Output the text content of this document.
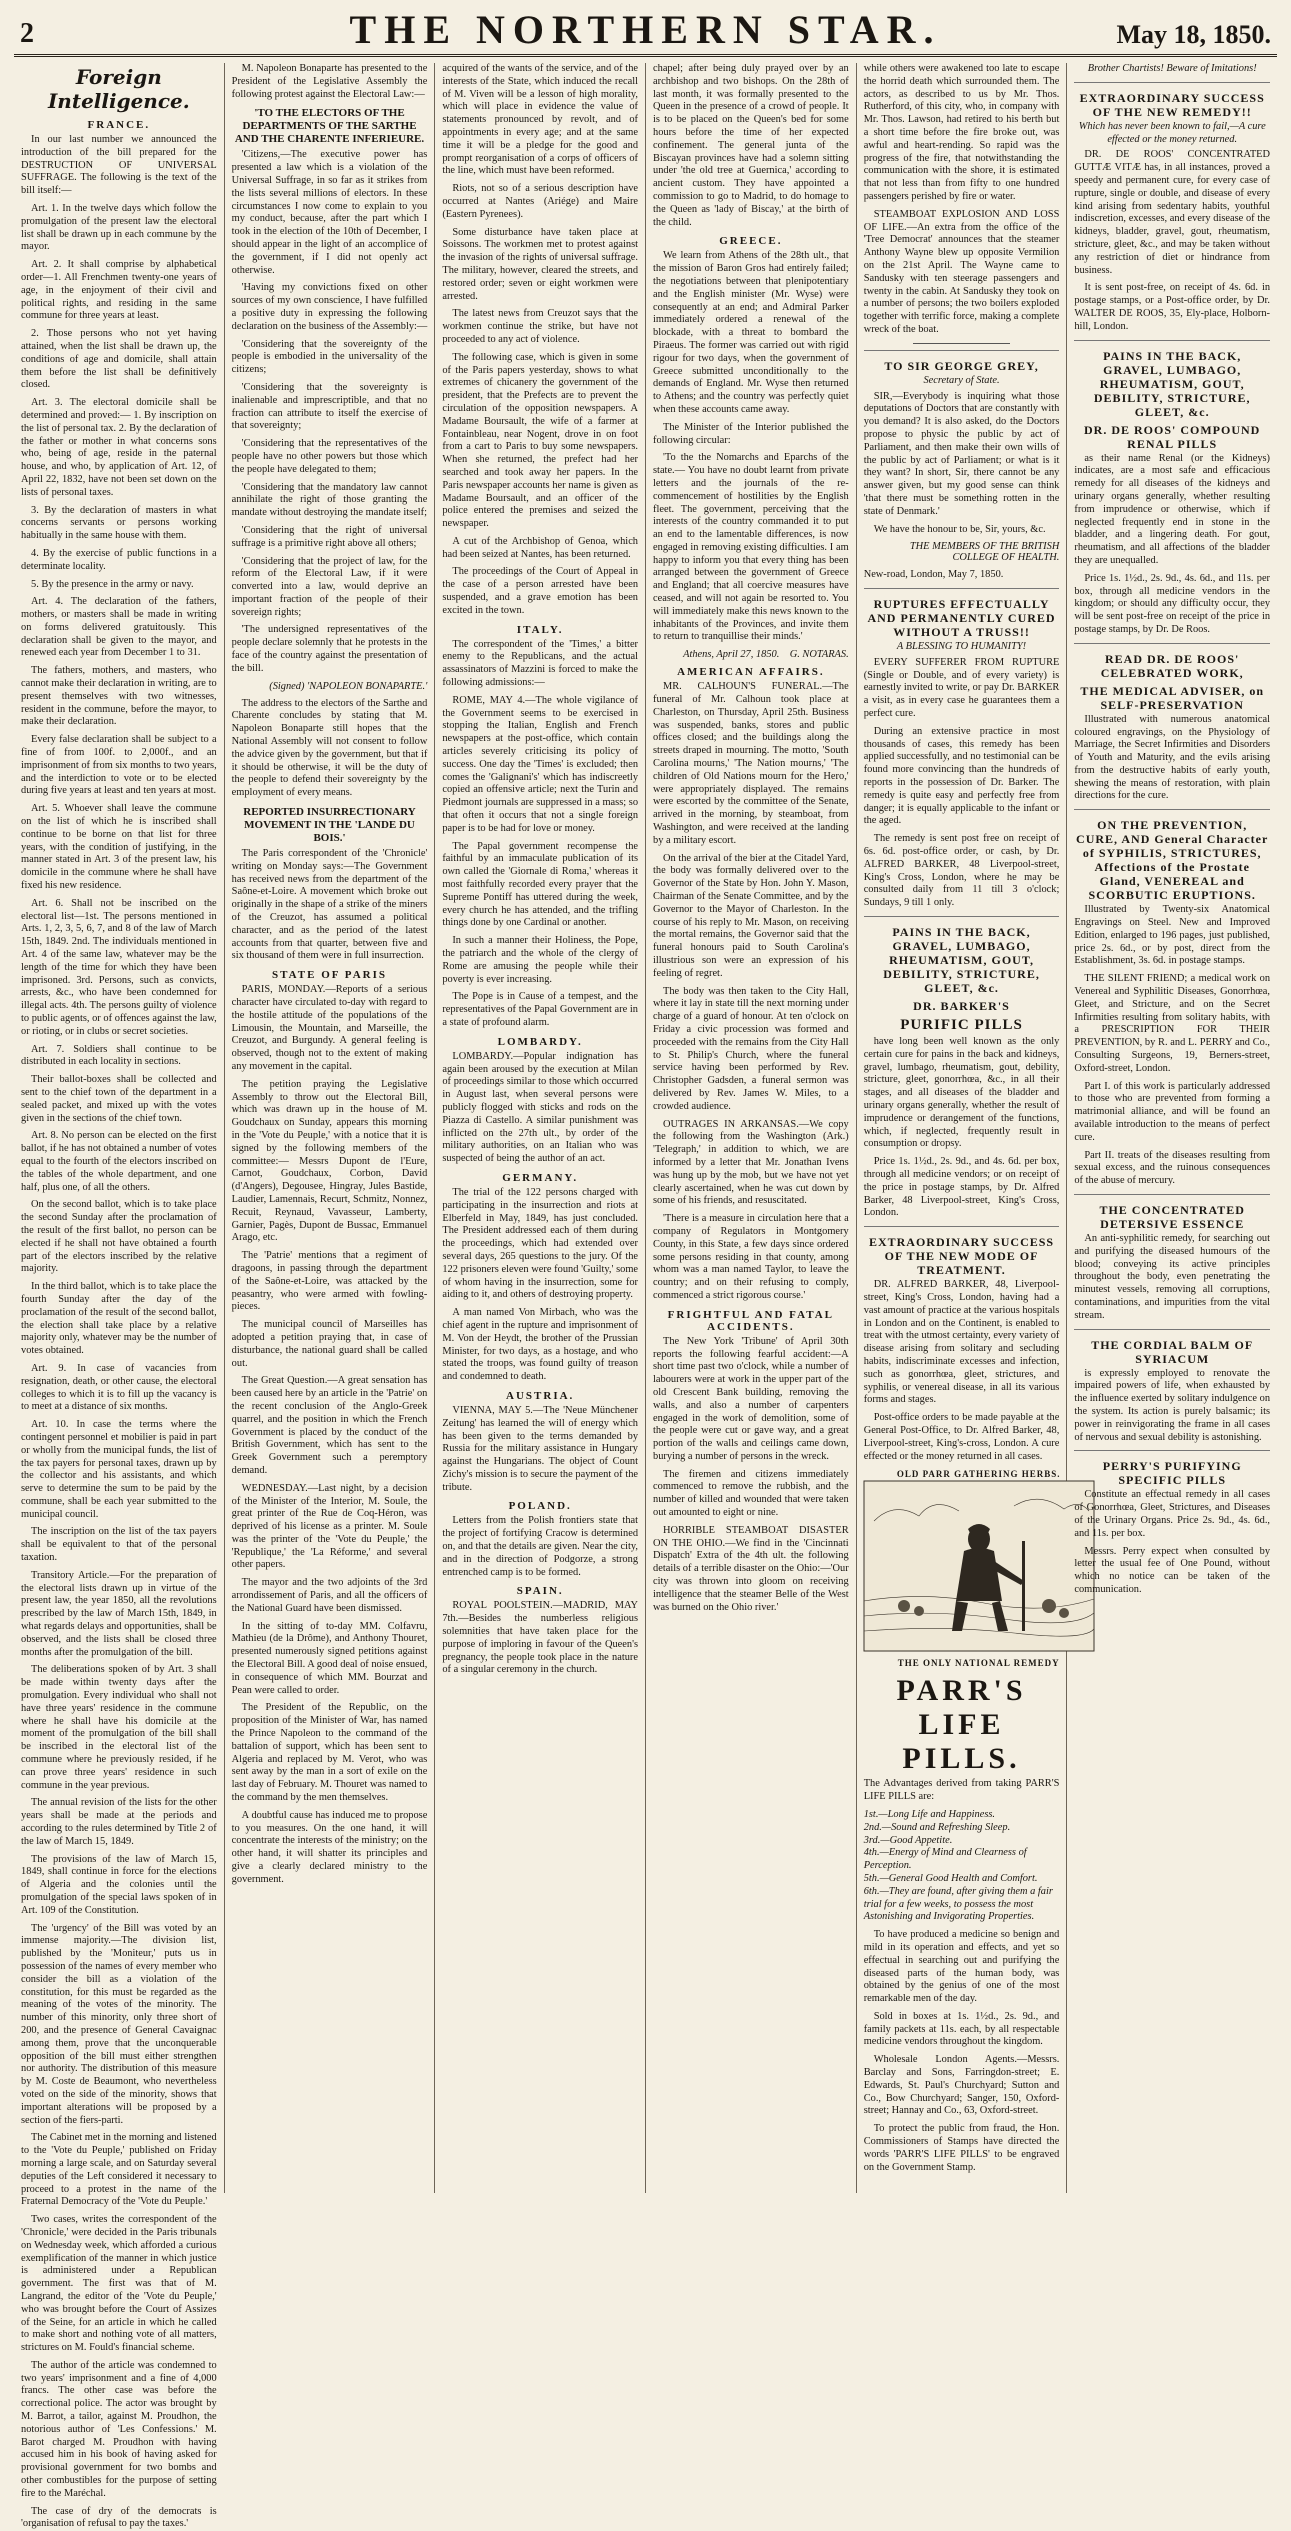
2	THE NORTHERN STAR.	May 18, 1850.
Foreign Intelligence.
FRANCE.

In our last number we announced the introduction of the bill prepared for the DESTRUCTION OF UNIVERSAL SUFFRAGE. The following is the text of the bill itself:—

Art. 1. In the twelve days which follow the promulgation of the present law the electoral list shall be drawn up in each commune by the mayor.

Art. 2. It shall comprise by alphabetical order—1. All Frenchmen twenty-one years of age, in the enjoyment of their civil and political rights, and residing in the same commune for three years at least.

2. Those persons who not yet having attained, when the list shall be drawn up, the conditions of age and domicile, shall attain them before the list shall be definitively closed.

Art. 3. The electoral domicile shall be determined and proved:— 1. By inscription on the list of personal tax. 2. By the declaration of the father or mother in what concerns sons who, being of age, reside in the paternal house, and who, by application of Art. 12, of April 22, 1832, have not been set down on the lists of personal taxes.

3. By the declaration of masters in what concerns servants or persons working habitually in the same house with them.

4. By the exercise of public functions in a determinate locality.

5. By the presence in the army or navy.

Art. 4. The declaration of the fathers, mothers, or masters shall be made in writing on forms delivered gratuitously. This declaration shall be given to the mayor, and renewed each year from December 1 to 31.

The fathers, mothers, and masters, who cannot make their declaration in writing, are to present themselves with two witnesses, resident in the commune, before the mayor, to make their declaration.

Every false declaration shall be subject to a fine of from 100f. to 2,000f., and an imprisonment of from six months to two years, and the interdiction to vote or to be elected during five years at least and ten years at most.

Art. 5. Whoever shall leave the commune on the list of which he is inscribed shall continue to be borne on that list for three years, with the condition of justifying, in the manner stated in Art. 3 of the present law, his domicile in the commune where he shall have fixed his new residence.

Art. 6. Shall not be inscribed on the electoral list—1st. The persons mentioned in Arts. 1, 2, 3, 5, 6, 7, and 8 of the law of March 15th, 1849. 2nd. The individuals mentioned in Art. 4 of the same law, whatever may be the length of the time for which they have been imprisoned. 3rd. Persons, such as convicts, arrests, &c., who have been condemned for illegal acts. 4th. The persons guilty of violence to public agents, or of offences against the law, or rioting, or in clubs or secret societies.

Art. 7. Soldiers shall continue to be distributed in each locality in sections.

Their ballot-boxes shall be collected and sent to the chief town of the department in a sealed packet, and mixed up with the votes given in the sections of the chief town.

Art. 8. No person can be elected on the first ballot, if he has not obtained a number of votes equal to the fourth of the electors inscribed on the tables of the whole department, and one half, plus one, of all the others.

On the second ballot, which is to take place the second Sunday after the proclamation of the result of the first ballot, no person can be elected if he shall not have obtained a fourth part of the electors inscribed by the relative majority.

In the third ballot, which is to take place the fourth Sunday after the day of the proclamation of the result of the second ballot, the election shall take place by a relative majority only, whatever may be the number of votes obtained.

Art. 9. In case of vacancies from resignation, death, or other cause, the electoral colleges to which it is to fill up the vacancy is to meet at a distance of six months.

Art. 10. In case the terms where the contingent personnel et mobilier is paid in part or wholly from the municipal funds, the list of the tax payers for personal taxes, drawn up by the collector and his assistants, and which serve to determine the sum to be paid by the commune, shall be each year submitted to the municipal council.

The inscription on the list of the tax payers shall be equivalent to that of the personal taxation.

Transitory Article.—For the preparation of the electoral lists drawn up in virtue of the present law, the year 1850, all the revolutions prescribed by the law of March 15th, 1849, in what regards delays and opportunities, shall be observed, and the lists shall be closed three months after the promulgation of the bill.

The deliberations spoken of by Art. 3 shall be made within twenty days after the promulgation. Every individual who shall not have three years' residence in the commune where he shall have his domicile at the moment of the promulgation of the bill shall be inscribed in the electoral list of the commune where he previously resided, if he can prove three years' residence in such commune in the year previous.

The annual revision of the lists for the other years shall be made at the periods and according to the rules determined by Title 2 of the law of March 15, 1849.

The provisions of the law of March 15, 1849, shall continue in force for the elections of Algeria and the colonies until the promulgation of the special laws spoken of in Art. 109 of the Constitution.

The 'urgency' of the Bill was voted by an immense majority.—The division list, published by the 'Moniteur,' puts us in possession of the names of every member who consider the bill as a violation of the constitution, for this must be regarded as the meaning of the votes of the minority. The number of this minority, only three short of 200, and the presence of General Cavaignac among them, prove that the unconquerable opposition of the bill must either strengthen nor authority. The distribution of this measure by M. Coste de Beaumont, who nevertheless voted on the side of the minority, shows that important alterations will be proposed by a section of the fiers-parti.

The Cabinet met in the morning and listened to the 'Vote du Peuple,' published on Friday morning a large scale, and on Saturday several deputies of the Left considered it necessary to proceed to a protest in the name of the Fraternal Democracy of the 'Vote du Peuple.'

Two cases, writes the correspondent of the 'Chronicle,' were decided in the Paris tribunals on Wednesday week, which afforded a curious exemplification of the manner in which justice is administered under a Republican government. The first was that of M. Langrand, the editor of the 'Vote du Peuple,' who was brought before the Court of Assizes of the Seine, for an article in which he called to make short and nothing vote of all matters, strictures on M. Fould's financial scheme.

The author of the article was condemned to two years' imprisonment and a fine of 4,000 francs. The other case was before the correctional police. The actor was brought by M. Barrot, a tailor, against M. Proudhon, the notorious author of 'Les Confessions.' M. Barot charged M. Proudhon with having accused him in his book of having asked for provisional government for two bombs and other combustibles for the purpose of setting fire to the Maréchal.

The case of dry of the democrats is 'organisation of refusal to pay the taxes.'

M. Napoleon Bonaparte has presented to the President of the Legislative Assembly the following protest against the Electoral Law:—

'TO THE ELECTORS OF THE DEPARTMENTS OF THE SARTHE AND THE CHARENTE INFERIEURE.

'Citizens,—The executive power has presented a law which is a violation of the Universal Suffrage, in so far as it strikes from the lists several millions of electors. In these circumstances I now come to explain to you my conduct, because, after the part which I took in the election of the 10th of December, I should appear in the light of an accomplice of the government, if I did not openly act otherwise.

'Having my convictions fixed on other sources of my own conscience, I have fulfilled a positive duty in expressing the following declaration on the business of the Assembly:—

'Considering that the sovereignty of the people is embodied in the universality of the citizens;

'Considering that the sovereignty is inalienable and imprescriptible, and that no fraction can attribute to itself the exercise of that sovereignty;

'Considering that the representatives of the people have no other powers but those which the people have delegated to them;

'Considering that the mandatory law cannot annihilate the right of those granting the mandate without destroying the mandate itself;

'Considering that the right of universal suffrage is a primitive right above all others;

'Considering that the project of law, for the reform of the Electoral Law, if it were converted into a law, would deprive an important fraction of the people of their sovereign rights;

'The undersigned representatives of the people declare solemnly that he protests in the face of the country against the presentation of the bill.

(Signed) 'NAPOLEON BONAPARTE.'

The address to the electors of the Sarthe and Charente concludes by stating that M. Napoleon Bonaparte still hopes that the National Assembly will not consent to follow the advice given by the government, but that if it should be otherwise, it will be the duty of the people to defend their sovereignty by the employment of every means.

REPORTED INSURRECTIONARY MOVEMENT IN THE 'LANDE DU BOIS.'

The Paris correspondent of the 'Chronicle' writing on Monday says:—The Government has received news from the department of the Saône-et-Loire. A movement which broke out originally in the shape of a strike of the miners of the Creuzot, has assumed a political character, and as the period of the latest accounts from that quarter, between five and six thousand of them were in full insurrection.

STATE OF PARIS

PARIS, MONDAY.—Reports of a serious character have circulated to-day with regard to the hostile attitude of the populations of the Limousin, the Mountain, and Marseille, the Creuzot, and Burgundy. A general feeling is observed, though not to the extent of making any movement in the capital.

The petition praying the Legislative Assembly to throw out the Electoral Bill, which was drawn up in the house of M. Goudchaux on Sunday, appears this morning in the 'Vote du Peuple,' with a notice that it is signed by the following members of the committee:— Messrs Dupont de l'Eure, Carnot, Goudchaux, Corbon, David (d'Angers), Degousee, Hingray, Jules Bastide, Laudier, Lamennais, Recurt, Schmitz, Nonnez, Recuit, Reynaud, Vavasseur, Lamberty, Garnier, Pagès, Dupont de Bussac, Emmanuel Arago, etc.

The 'Patrie' mentions that a regiment of dragoons, in passing through the department of the Saône-et-Loire, was attacked by the peasantry, who were armed with fowling-pieces.

The municipal council of Marseilles has adopted a petition praying that, in case of disturbance, the national guard shall be called out.

The Great Question.—A great sensation has been caused here by an article in the 'Patrie' on the recent conclusion of the Anglo-Greek quarrel, and the position in which the French Government is placed by the conduct of the British Government, which has sent to the Greek Government such a peremptory demand.

WEDNESDAY.—Last night, by a decision of the Minister of the Interior, M. Soule, the great printer of the Rue de Coq-Héron, was deprived of his license as a printer. M. Soule was the printer of the 'Vote du Peuple,' the 'Republique,' the 'La Réforme,' and several other papers.

The mayor and the two adjoints of the 3rd arrondissement of Paris, and all the officers of the National Guard have been dismissed.

In the sitting of to-day MM. Colfavru, Mathieu (de la Drôme), and Anthony Thouret, presented numerously signed petitions against the Electoral Bill. A good deal of noise ensued, in consequence of which MM. Bourzat and Pean were called to order.

The President of the Republic, on the proposition of the Minister of War, has named the Prince Napoleon to the command of the battalion of support, which has been sent to Algeria and replaced by M. Verot, who was sent away by the man in a sort of exile on the last day of February. M. Thouret was named to the command by the men themselves.

A doubtful cause has induced me to propose to you measures. On the one hand, it will concentrate the interests of the ministry; on the other hand, it will shatter its principles and give a clearly declared ministry to the government.

acquired of the wants of the service, and of the interests of the State, which induced the recall of M. Viven will be a lesson of high morality, which will place in evidence the value of statements pronounced by revolt, and of appointments in every age; and at the same time it will be a pledge for the good and prompt reorganisation of a corps of officers of the line, which must have been reformed.

Riots, not so of a serious description have occurred at Nantes (Ariége) and Maire (Eastern Pyrenees).

Some disturbance have taken place at Soissons. The workmen met to protest against the invasion of the rights of universal suffrage. The military, however, cleared the streets, and restored order; seven or eight workmen were arrested.

The latest news from Creuzot says that the workmen continue the strike, but have not proceeded to any act of violence.

The following case, which is given in some of the Paris papers yesterday, shows to what extremes of chicanery the government of the president, that the Prefects are to prevent the circulation of the opposition newspapers. A Madame Boursault, the wife of a farmer at Fontainbleau, near Nogent, drove in on foot from a cart to Paris to buy some newspapers. When she returned, the prefect had her searched and took away her papers. In the Paris newspaper accounts her name is given as Madame Boursault, and an officer of the police entered the premises and seized the newspaper.

A cut of the Archbishop of Genoa, which had been seized at Nantes, has been returned.

The proceedings of the Court of Appeal in the case of a person arrested have been suspended, and a grave emotion has been excited in the town.

ITALY.

The correspondent of the 'Times,' a bitter enemy to the Republicans, and the actual assassinators of Mazzini is forced to make the following admissions:—

ROME, MAY 4.—The whole vigilance of the Government seems to be exercised in stopping the Italian, English and French newspapers at the post-office, which contain articles severely criticising its policy of success. One day the 'Times' is excluded; then comes the 'Galignani's' which has indiscreetly copied an offensive article; next the Turin and Piedmont journals are suppressed in a mass; so that often it occurs that not a single foreign paper is to be had for love or money.

The Papal government recompense the faithful by an immaculate publication of its own called the 'Giornale di Roma,' whereas it most faithfully recorded every prayer that the Supreme Pontiff has uttered during the week, every church he has attended, and the trifling things done by one Cardinal or another.

In such a manner their Holiness, the Pope, the patriarch and the whole of the clergy of Rome are amusing the people while their poverty is ever increasing.

The Pope is in Cause of a tempest, and the representatives of the Papal Government are in a state of profound alarm.

LOMBARDY.

LOMBARDY.—Popular indignation has again been aroused by the execution at Milan of proceedings similar to those which occurred in August last, when several persons were publicly flogged with sticks and rods on the Piazza di Castello. A similar punishment was inflicted on the 27th ult., by order of the military authorities, on an Italian who was suspected of being the author of an act.

GERMANY.

The trial of the 122 persons charged with participating in the insurrection and riots at Elberfeld in May, 1849, has just concluded. The President addressed each of them during the proceedings, which had extended over several days, 265 questions to the jury. Of the 122 prisoners eleven were found 'Guilty,' some of whom having in the insurrection, some for aiding to it, and others of destroying property.

A man named Von Mirbach, who was the chief agent in the rupture and imprisonment of M. Von der Heydt, the brother of the Prussian Minister, for two days, as a hostage, and who stated the troops, was found guilty of treason and condemned to death.

AUSTRIA.

VIENNA, MAY 5.—The 'Neue Münchener Zeitung' has learned the will of energy which has been given to the terms demanded by Russia for the military assistance in Hungary against the Hungarians. The object of Count Zichy's mission is to secure the payment of the tribute.

POLAND.

Letters from the Polish frontiers state that the project of fortifying Cracow is determined on, and that the details are given. Near the city, and in the direction of Podgorze, a strong entrenched camp is to be formed.

SPAIN.

ROYAL POOLSTEIN.—MADRID, MAY 7th.—Besides the numberless religious solemnities that have taken place for the purpose of imploring in favour of the Queen's pregnancy, the people took place in the nature of a singular ceremony in the church.

chapel; after being duly prayed over by an archbishop and two bishops. On the 28th of last month, it was formally presented to the Queen in the presence of a crowd of people. It is to be placed on the Queen's bed for some hours before the time of her expected confinement. The general junta of the Biscayan provinces have had a solemn sitting under 'the old tree at Guernica,' according to ancient custom. They have appointed a commission to go to Madrid, to do homage to the Queen as 'lady of Biscay,' at the birth of the child.

GREECE.

We learn from Athens of the 28th ult., that the mission of Baron Gros had entirely failed; the negotiations between that plenipotentiary and the English minister (Mr. Wyse) were consequently at an end; and Admiral Parker immediately ordered a renewal of the blockade, with a threat to bombard the Piraeus. The former was carried out with rigid rigour for two days, when the government of Greece submitted unconditionally to the demands of England. Mr. Wyse then returned to Athens; and the country was perfectly quiet when these accounts came away.

The Minister of the Interior published the following circular:

'To the the Nomarchs and Eparchs of the state.— You have no doubt learnt from private letters and the journals of the re-commencement of hostilities by the English fleet. The government, perceiving that the interests of the country commanded it to put an end to the lamentable differences, is now engaged in removing existing difficulties. I am happy to inform you that every thing has been arranged between the government of Greece and England; that all coercive measures have ceased, and will not again be resorted to. You will immediately make this news known to the inhabitants of the Provinces, and invite them to return to tranquillise their minds.'

Athens, April 27, 1850. G. NOTARAS.
AMERICAN AFFAIRS.

MR. CALHOUN'S FUNERAL.—The funeral of Mr. Calhoun took place at Charleston, on Thursday, April 25th. Business was suspended, banks, stores and public offices closed; and the buildings along the streets draped in mourning. The motto, 'South Carolina mourns,' 'The Nation mourns,' 'The children of Old Nations mourn for the Hero,' were appropriately displayed. The remains were escorted by the committee of the Senate, arrived in the morning, by steamboat, from Washington, and were received at the landing by a military escort.

On the arrival of the bier at the Citadel Yard, the body was formally delivered over to the Governor of the State by Hon. John Y. Mason, Chairman of the Senate Committee, and by the Governor to the Mayor of Charleston. In the course of his reply to Mr. Mason, on receiving the mortal remains, the Governor said that the funeral honours paid to South Carolina's illustrious son were an expression of his feeling of regret.

The body was then taken to the City Hall, where it lay in state till the next morning under charge of a guard of honour. At ten o'clock on Friday a civic procession was formed and proceeded with the remains from the City Hall to St. Philip's Church, where the funeral service having been performed by Rev. Christopher Gadsden, a funeral sermon was delivered by Rev. James W. Miles, to a crowded audience.

OUTRAGES IN ARKANSAS.—We copy the following from the Washington (Ark.) 'Telegraph,' in addition to which, we are informed by a letter that Mr. Jonathan Ivens was hung up by the mob, but we have not yet clearly ascertained, when he was cut down by some of his friends, and resuscitated.

'There is a measure in circulation here that a company of Regulators in Montgomery County, in this State, a few days since ordered some persons residing in that county, among whom was a man named Taylor, to leave the country; and on their refusing to comply, commenced a strict rigorous course.'

FRIGHTFUL AND FATAL ACCIDENTS.

The New York 'Tribune' of April 30th reports the following fearful accident:—A short time past two o'clock, while a number of labourers were at work in the upper part of the old Crescent Bank building, removing the walls, and also a number of carpenters engaged in the work of demolition, some of the people were cut or gave way, and a great portion of the walls and ceilings came down, burying a number of persons in the wreck.

The firemen and citizens immediately commenced to remove the rubbish, and the number of killed and wounded that were taken out amounted to eight or nine.

HORRIBLE STEAMBOAT DISASTER ON THE OHIO.—We find in the 'Cincinnati Dispatch' Extra of the 4th ult. the following details of a terrible disaster on the Ohio:—'Our city was thrown into gloom on receiving intelligence that the steamer Belle of the West was burned on the Ohio river.'

while others were awakened too late to escape the horrid death which surrounded them. The actors, as described to us by Mr. Thos. Rutherford, of this city, who, in company with Mr. Thos. Lawson, had retired to his berth but a short time before the fire broke out, was awful and heart-rending. So rapid was the progress of the fire, that notwithstanding the communication with the shore, it is estimated that not less than from fifty to one hundred passengers perished by fire or water.

STEAMBOAT EXPLOSION AND LOSS OF LIFE.—An extra from the office of the 'Tree Democrat' announces that the steamer Anthony Wayne blew up opposite Vermilion on the 21st April. The Wayne came to Sandusky with ten steerage passengers and twenty in the cabin. At Sandusky they took on a number of persons; the two boilers exploded together with terrific force, making a complete wreck of the boat.

TO SIR GEORGE GREY,
Secretary of State.

SIR,—Everybody is inquiring what those deputations of Doctors that are constantly with you demand? It is also asked, do the Doctors propose to physic the public by act of Parliament, and then make their own wills of the public by act of Parliament; or what is it they want? In short, Sir, there cannot be any answer given, but my good sense can think 'that there must be something rotten in the state of Denmark.'

We have the honour to be, Sir, yours, &c.

THE MEMBERS OF THE BRITISH COLLEGE OF HEALTH.

New-road, London, May 7, 1850.

RUPTURES EFFECTUALLY AND PERMANENTLY CURED WITHOUT A TRUSS!!
A BLESSING TO HUMANITY!

EVERY SUFFERER FROM RUPTURE (Single or Double, and of every variety) is earnestly invited to write, or pay Dr. BARKER a visit, as in every case he guarantees them a perfect cure.

During an extensive practice in most thousands of cases, this remedy has been applied successfully, and no testimonial can be found more convincing than the hundreds of reports in the possession of Dr. Barker. The remedy is quite easy and perfectly free from danger; it is equally applicable to the infant or the aged.

The remedy is sent post free on receipt of 6s. 6d. post-office order, or cash, by Dr. ALFRED BARKER, 48 Liverpool-street, King's Cross, London, where he may be consulted daily from 11 till 3 o'clock; Sundays, 9 till 1 only.

PAINS IN THE BACK, GRAVEL, LUMBAGO, RHEUMATISM, GOUT, DEBILITY, STRICTURE, GLEET, &c.
DR. BARKER'S
PURIFIC PILLS

have long been well known as the only certain cure for pains in the back and kidneys, gravel, lumbago, rheumatism, gout, debility, stricture, gleet, gonorrhœa, &c., in all their stages, and all diseases of the bladder and urinary organs generally, whether the result of imprudence or derangement of the functions, which, if neglected, frequently result in consumption or dropsy.

Price 1s. 1½d., 2s. 9d., and 4s. 6d. per box, through all medicine vendors; or on receipt of the price in postage stamps, by Dr. Alfred Barker, 48 Liverpool-street, King's Cross, London.

EXTRAORDINARY SUCCESS OF THE NEW MODE OF TREATMENT.

DR. ALFRED BARKER, 48, Liverpool-street, King's Cross, London, having had a vast amount of practice at the various hospitals in London and on the Continent, is enabled to treat with the utmost certainty, every variety of disease arising from solitary and secluding habits, indiscriminate excesses and infection, such as gonorrhœa, gleet, strictures, and syphilis, or venereal disease, in all its various forms and stages.

Post-office orders to be made payable at the General Post-Office, to Dr. Alfred Barker, 48, Liverpool-street, King's-cross, London. A cure effected or the money returned in all cases.

OLD PARR GATHERING HERBS.
THE ONLY NATIONAL REMEDY
PARR'S LIFE PILLS.

The Advantages derived from taking PARR'S LIFE PILLS are:

1st.—Long Life and Happiness.
2nd.—Sound and Refreshing Sleep.
3rd.—Good Appetite.
4th.—Energy of Mind and Clearness of Perception.
5th.—General Good Health and Comfort.
6th.—They are found, after giving them a fair trial for a few weeks, to possess the most Astonishing and Invigorating Properties.

To have produced a medicine so benign and mild in its operation and effects, and yet so effectual in searching out and purifying the diseased parts of the human body, was obtained by the genius of one of the most remarkable men of the day.

Sold in boxes at 1s. 1½d., 2s. 9d., and family packets at 11s. each, by all respectable medicine vendors throughout the kingdom.

Wholesale London Agents.—Messrs. Barclay and Sons, Farringdon-street; E. Edwards, St. Paul's Churchyard; Sutton and Co., Bow Churchyard; Sanger, 150, Oxford-street; Hannay and Co., 63, Oxford-street.

To protect the public from fraud, the Hon. Commissioners of Stamps have directed the words 'PARR'S LIFE PILLS' to be engraved on the Government Stamp.

Brother Chartists! Beware of Imitations!
EXTRAORDINARY SUCCESS OF THE NEW REMEDY!!
Which has never been known to fail,—A cure effected or the money returned.

DR. DE ROOS' CONCENTRATED GUTTÆ VITÆ has, in all instances, proved a speedy and permanent cure, for every case of rupture, single or double, and disease of every kind arising from sedentary habits, youthful indiscretion, excesses, and every disease of the kidneys, bladder, gravel, gout, rheumatism, stricture, gleet, &c., and may be taken without any restriction of diet or hindrance from business.

It is sent post-free, on receipt of 4s. 6d. in postage stamps, or a Post-office order, by Dr. WALTER DE ROOS, 35, Ely-place, Holborn-hill, London.

PAINS IN THE BACK, GRAVEL, LUMBAGO, RHEUMATISM, GOUT, DEBILITY, STRICTURE, GLEET, &c.
DR. DE ROOS' COMPOUND RENAL PILLS

as their name Renal (or the Kidneys) indicates, are a most safe and efficacious remedy for all diseases of the kidneys and urinary organs generally, whether resulting from imprudence or otherwise, which if neglected frequently end in stone in the bladder, and a lingering death. For gout, rheumatism, and all affections of the bladder they are unequalled.

Price 1s. 1½d., 2s. 9d., 4s. 6d., and 11s. per box, through all medicine vendors in the kingdom; or should any difficulty occur, they will be sent post-free on receipt of the price in postage stamps, by Dr. De Roos.

READ DR. DE ROOS' CELEBRATED WORK,
THE MEDICAL ADVISER, on SELF-PRESERVATION

Illustrated with numerous anatomical coloured engravings, on the Physiology of Marriage, the Secret Infirmities and Disorders of Youth and Maturity, and the evils arising from the destructive habits of early youth, shewing the means of restoration, with plain directions for the cure.

ON THE PREVENTION, CURE, AND General Character of SYPHILIS, STRICTURES, Affections of the Prostate Gland, VENEREAL and SCORBUTIC ERUPTIONS.

Illustrated by Twenty-six Anatomical Engravings on Steel. New and Improved Edition, enlarged to 196 pages, just published, price 2s. 6d., or by post, direct from the Establishment, 3s. 6d. in postage stamps.

THE SILENT FRIEND; a medical work on Venereal and Syphilitic Diseases, Gonorrhœa, Gleet, and Stricture, and on the Secret Infirmities resulting from solitary habits, with a PRESCRIPTION FOR THEIR PREVENTION, by R. and L. PERRY and Co., Consulting Surgeons, 19, Berners-street, Oxford-street, London.

Part I. of this work is particularly addressed to those who are prevented from forming a matrimonial alliance, and will be found an available introduction to the means of perfect cure.

Part II. treats of the diseases resulting from sexual excess, and the ruinous consequences of the abuse of mercury.

THE CONCENTRATED DETERSIVE ESSENCE

An anti-syphilitic remedy, for searching out and purifying the diseased humours of the blood; conveying its active principles throughout the body, even penetrating the minutest vessels, removing all corruptions, contaminations, and impurities from the vital stream.

THE CORDIAL BALM OF SYRIACUM

is expressly employed to renovate the impaired powers of life, when exhausted by the influence exerted by solitary indulgence on the system. Its action is purely balsamic; its power in reinvigorating the frame in all cases of nervous and sexual debility is astonishing.

PERRY'S PURIFYING SPECIFIC PILLS

Constitute an effectual remedy in all cases of Gonorrhœa, Gleet, Strictures, and Diseases of the Urinary Organs. Price 2s. 9d., 4s. 6d., and 11s. per box.

Messrs. Perry expect when consulted by letter the usual fee of One Pound, without which no notice can be taken of the communication.
